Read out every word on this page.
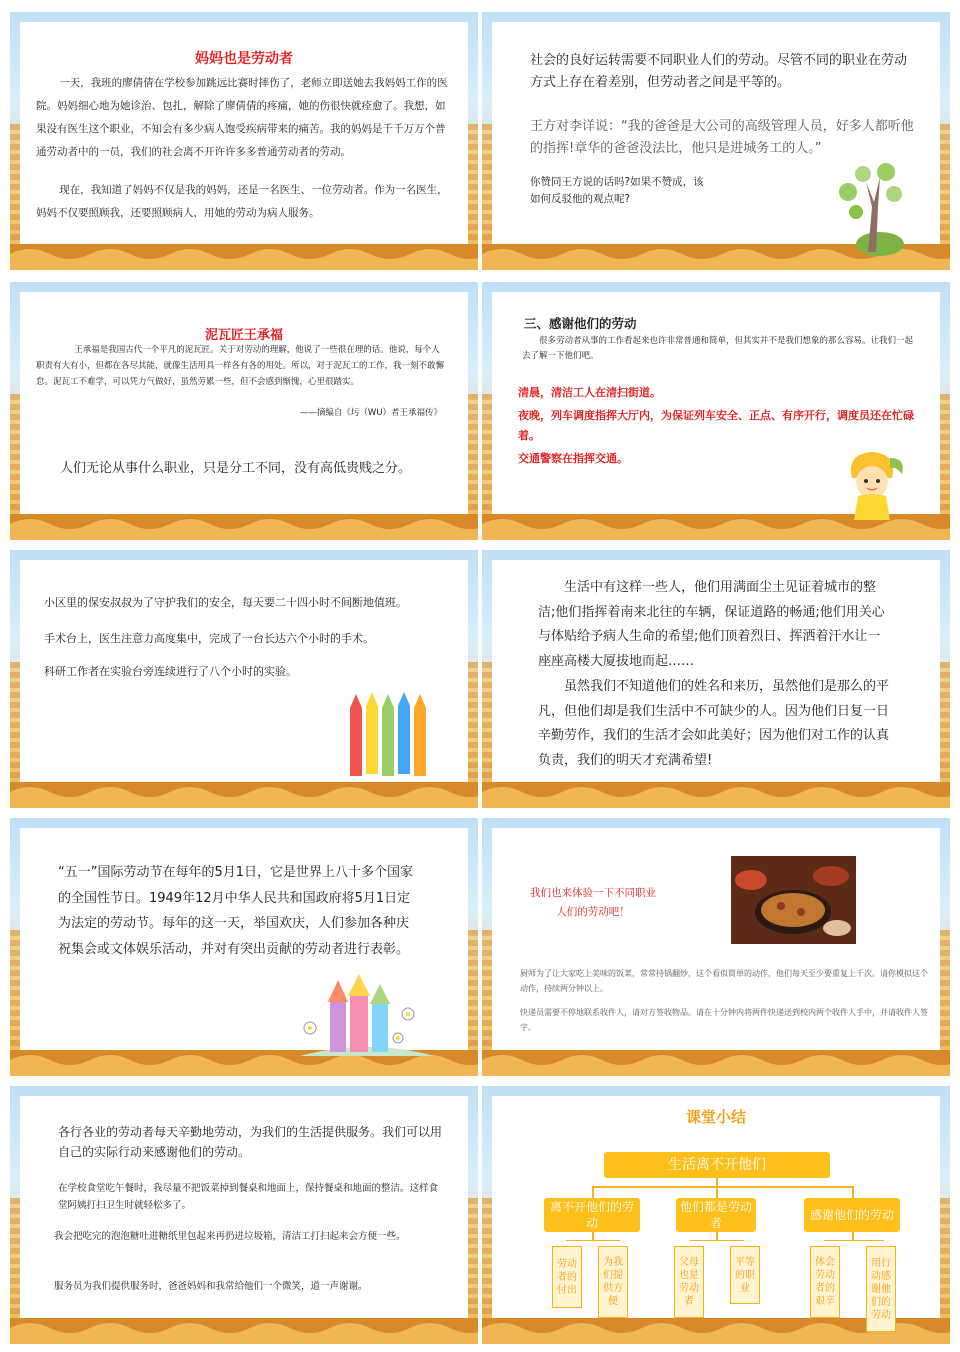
妈妈也是劳动者

一天，我班的廖倩倩在学校参加跳远比赛时摔伤了，老师立即送她去我妈妈工作的医院。妈妈细心地为她诊治、包扎，解除了廖倩倩的疼痛，她的伤很快就痊愈了。我想，如果没有医生这个职业，不知会有多少病人饱受疾病带来的痛苦。我的妈妈是千千万万个普通劳动者中的一员，我们的社会离不开许许多多普通劳动者的劳动。

现在，我知道了妈妈不仅是我的妈妈，还是一名医生、一位劳动者。作为一名医生，妈妈不仅要照顾我，还要照顾病人，用她的劳动为病人服务。

社会的良好运转需要不同职业人们的劳动。尽管不同的职业在劳动方式上存在着差别，但劳动者之间是平等的。

王方对李详说：“我的爸爸是大公司的高级管理人员，好多人都听他的指挥!章华的爸爸没法比，他只是进城务工的人。”

你赞同王方说的话吗?如果不赞成，该如何反驳他的观点呢?

泥瓦匠王承福

王承福是我国古代一个平凡的泥瓦匠。关于对劳动的理解，他说了一些很在理的话。他说，每个人职责有大有小，但都在各尽其能，就像生活用具一样各有各的用处。所以，对于泥瓦工的工作，我一刻不敢懈怠。泥瓦工不难学，可以凭力气做好，虽然劳累一些，但不会感到惭愧，心里很踏实。

——摘编自《圬（WU）者王承福传》

人们无论从事什么职业，只是分工不同，没有高低贵贱之分。

三、感谢他们的劳动

很多劳动者从事的工作看起来也许非常普通和简单，但其实并不是我们想象的那么容易。让我们一起去了解一下他们吧。

清晨，清洁工人在清扫街道。

夜晚，列车调度指挥大厅内，为保证列车安全、正点、有序开行，调度员还在忙碌着。

交通警察在指挥交通。

小区里的保安叔叔为了守护我们的安全，每天要二十四小时不间断地值班。

手术台上，医生注意力高度集中，完成了一台长达六个小时的手术。

科研工作者在实验台旁连续进行了八个小时的实验。

生活中有这样一些人，他们用满面尘土见证着城市的整洁;他们指挥着南来北往的车辆，保证道路的畅通;他们用关心与体贴给予病人生命的希望;他们顶着烈日、挥洒着汗水让一座座高楼大厦拔地而起……

虽然我们不知道他们的姓名和来历，虽然他们是那么的平凡，但他们却是我们生活中不可缺少的人。因为他们日复一日辛勤劳作，我们的生活才会如此美好；因为他们对工作的认真负责，我们的明天才充满希望!

“五一”国际劳动节在每年的5月1日，它是世界上八十多个国家的全国性节日。1949年12月中华人民共和国政府将5月1日定为法定的劳动节。每年的这一天，举国欢庆，人们参加各种庆祝集会或文体娱乐活动，并对有突出贡献的劳动者进行表彰。

我们也来体验一下不同职业人们的劳动吧！

厨师为了让大家吃上美味的饭菜，常常持锅翻炒，这个看似简单的动作，他们每天至少要重复上千次。请你模拟这个动作，持续两分钟以上。

快递员需要不停地联系收件人，请对方签收物品。请在十分钟内将两件快递送到校内两个收件人手中，并请收件人签字。

各行各业的劳动者每天辛勤地劳动，为我们的生活提供服务。我们可以用自己的实际行动来感谢他们的劳动。

在学校食堂吃午餐时，我尽量不把饭菜掉到餐桌和地面上，保持餐桌和地面的整洁。这样食堂阿姨打扫卫生时就轻松多了。

我会把吃完的泡泡糖吐进糖纸里包起来再扔进垃圾箱，清洁工打扫起来会方便一些。

服务员为我们提供服务时，爸爸妈妈和我常给他们一个微笑，道一声谢谢。

课堂小结
生活离不开他们
离不开他们的劳动
他们都是劳动者
感谢他们的劳动
劳动者的付出
为我们提供方便
父母也是劳动者
平等的职业
体会劳动者的艰辛
用行动感谢他们的劳动
